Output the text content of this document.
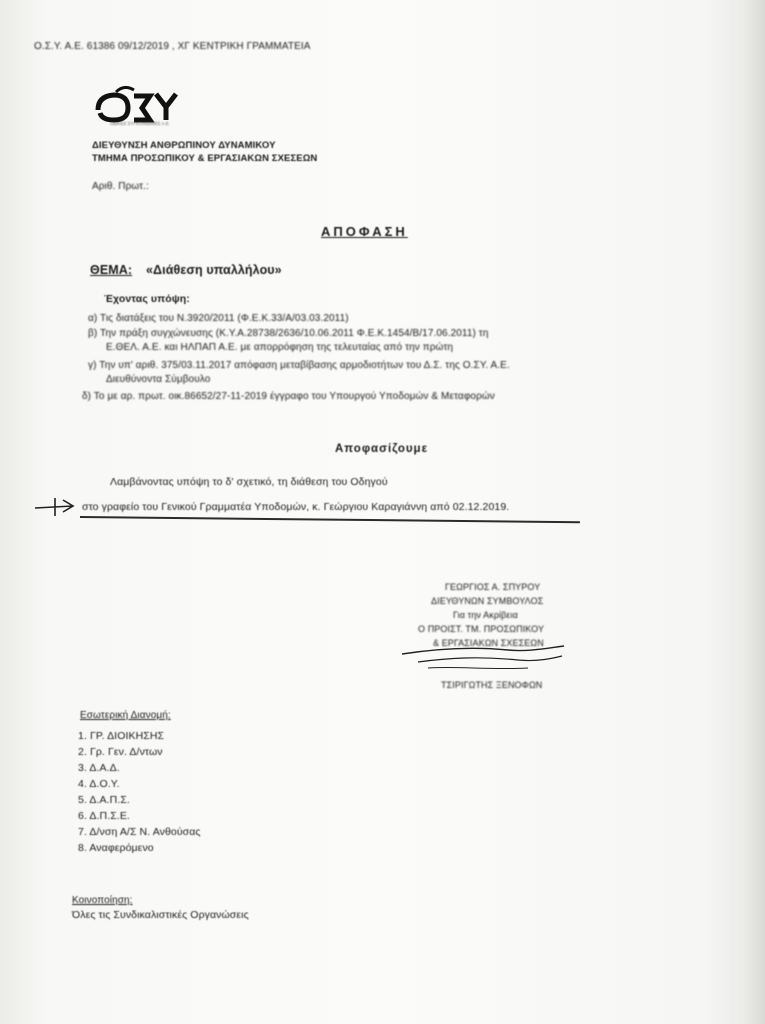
Ο.Σ.Υ. Α.Ε. 61386 09/12/2019 , ΧΓ ΚΕΝΤΡΙΚΗ ΓΡΑΜΜΑΤΕΙΑ
ΟΔΙΚΕΣ ΣΥΓΚΟΙΝΩΝΙΕΣ Α.Ε.
ΔΙΕΥΘΥΝΣΗ ΑΝΘΡΩΠΙΝΟΥ ΔΥΝΑΜΙΚΟΥ
ΤΜΗΜΑ ΠΡΟΣΩΠΙΚΟΥ & ΕΡΓΑΣΙΑΚΩΝ ΣΧΕΣΕΩΝ
Αριθ. Πρωτ.:
ΑΠΟΦΑΣΗ
ΘΕΜΑ: «Διάθεση υπαλλήλου»
Έχοντας υπόψη:
α) Τις διατάξεις του Ν.3920/2011 (Φ.Ε.Κ.33/Α/03.03.2011)
β) Την πράξη συγχώνευσης (Κ.Υ.Α.28738/2636/10.06.2011 Φ.Ε.Κ.1454/Β/17.06.2011) τη
Ε.ΘΕΛ. Α.Ε. και ΗΛΠΑΠ Α.Ε. με απορρόφηση της τελευταίας από την πρώτη
γ) Την υπ' αριθ. 375/03.11.2017 απόφαση μεταβίβασης αρμοδιοτήτων του Δ.Σ. της Ο.ΣΥ. Α.Ε.
Διευθύνοντα Σύμβουλο
δ) Το με αρ. πρωτ. οικ.86652/27-11-2019 έγγραφο του Υπουργού Υποδομών & Μεταφορών
Αποφασίζουμε
Λαμβάνοντας υπόψη το δ' σχετικό, τη διάθεση του Οδηγού
στο γραφείο του Γενικού Γραμματέα Υποδομών, κ. Γεώργιου Καραγιάννη από 02.12.2019.
ΓΕΩΡΓΙΟΣ Α. ΣΠΥΡΟΥ
ΔΙΕΥΘΥΝΩΝ ΣΥΜΒΟΥΛΟΣ
Για την Ακρίβεια
Ο ΠΡΟΙΣΤ. ΤΜ. ΠΡΟΣΩΠΙΚΟΥ
& ΕΡΓΑΣΙΑΚΩΝ ΣΧΕΣΕΩΝ
ΤΣΙΡΙΓΩΤΗΣ ΞΕΝΟΦΩΝ
Εσωτερική Διανομή:
1. ΓΡ. ΔΙΟΙΚΗΣΗΣ
2. Γρ. Γεν. Δ/ντων
3. Δ.Α.Δ.
4. Δ.Ο.Υ.
5. Δ.Α.Π.Σ.
6. Δ.Π.Σ.Ε.
7. Δ/νση Α/Σ Ν. Ανθούσας
8. Αναφερόμενο
Κοινοποίηση:
Όλες τις Συνδικαλιστικές Οργανώσεις
